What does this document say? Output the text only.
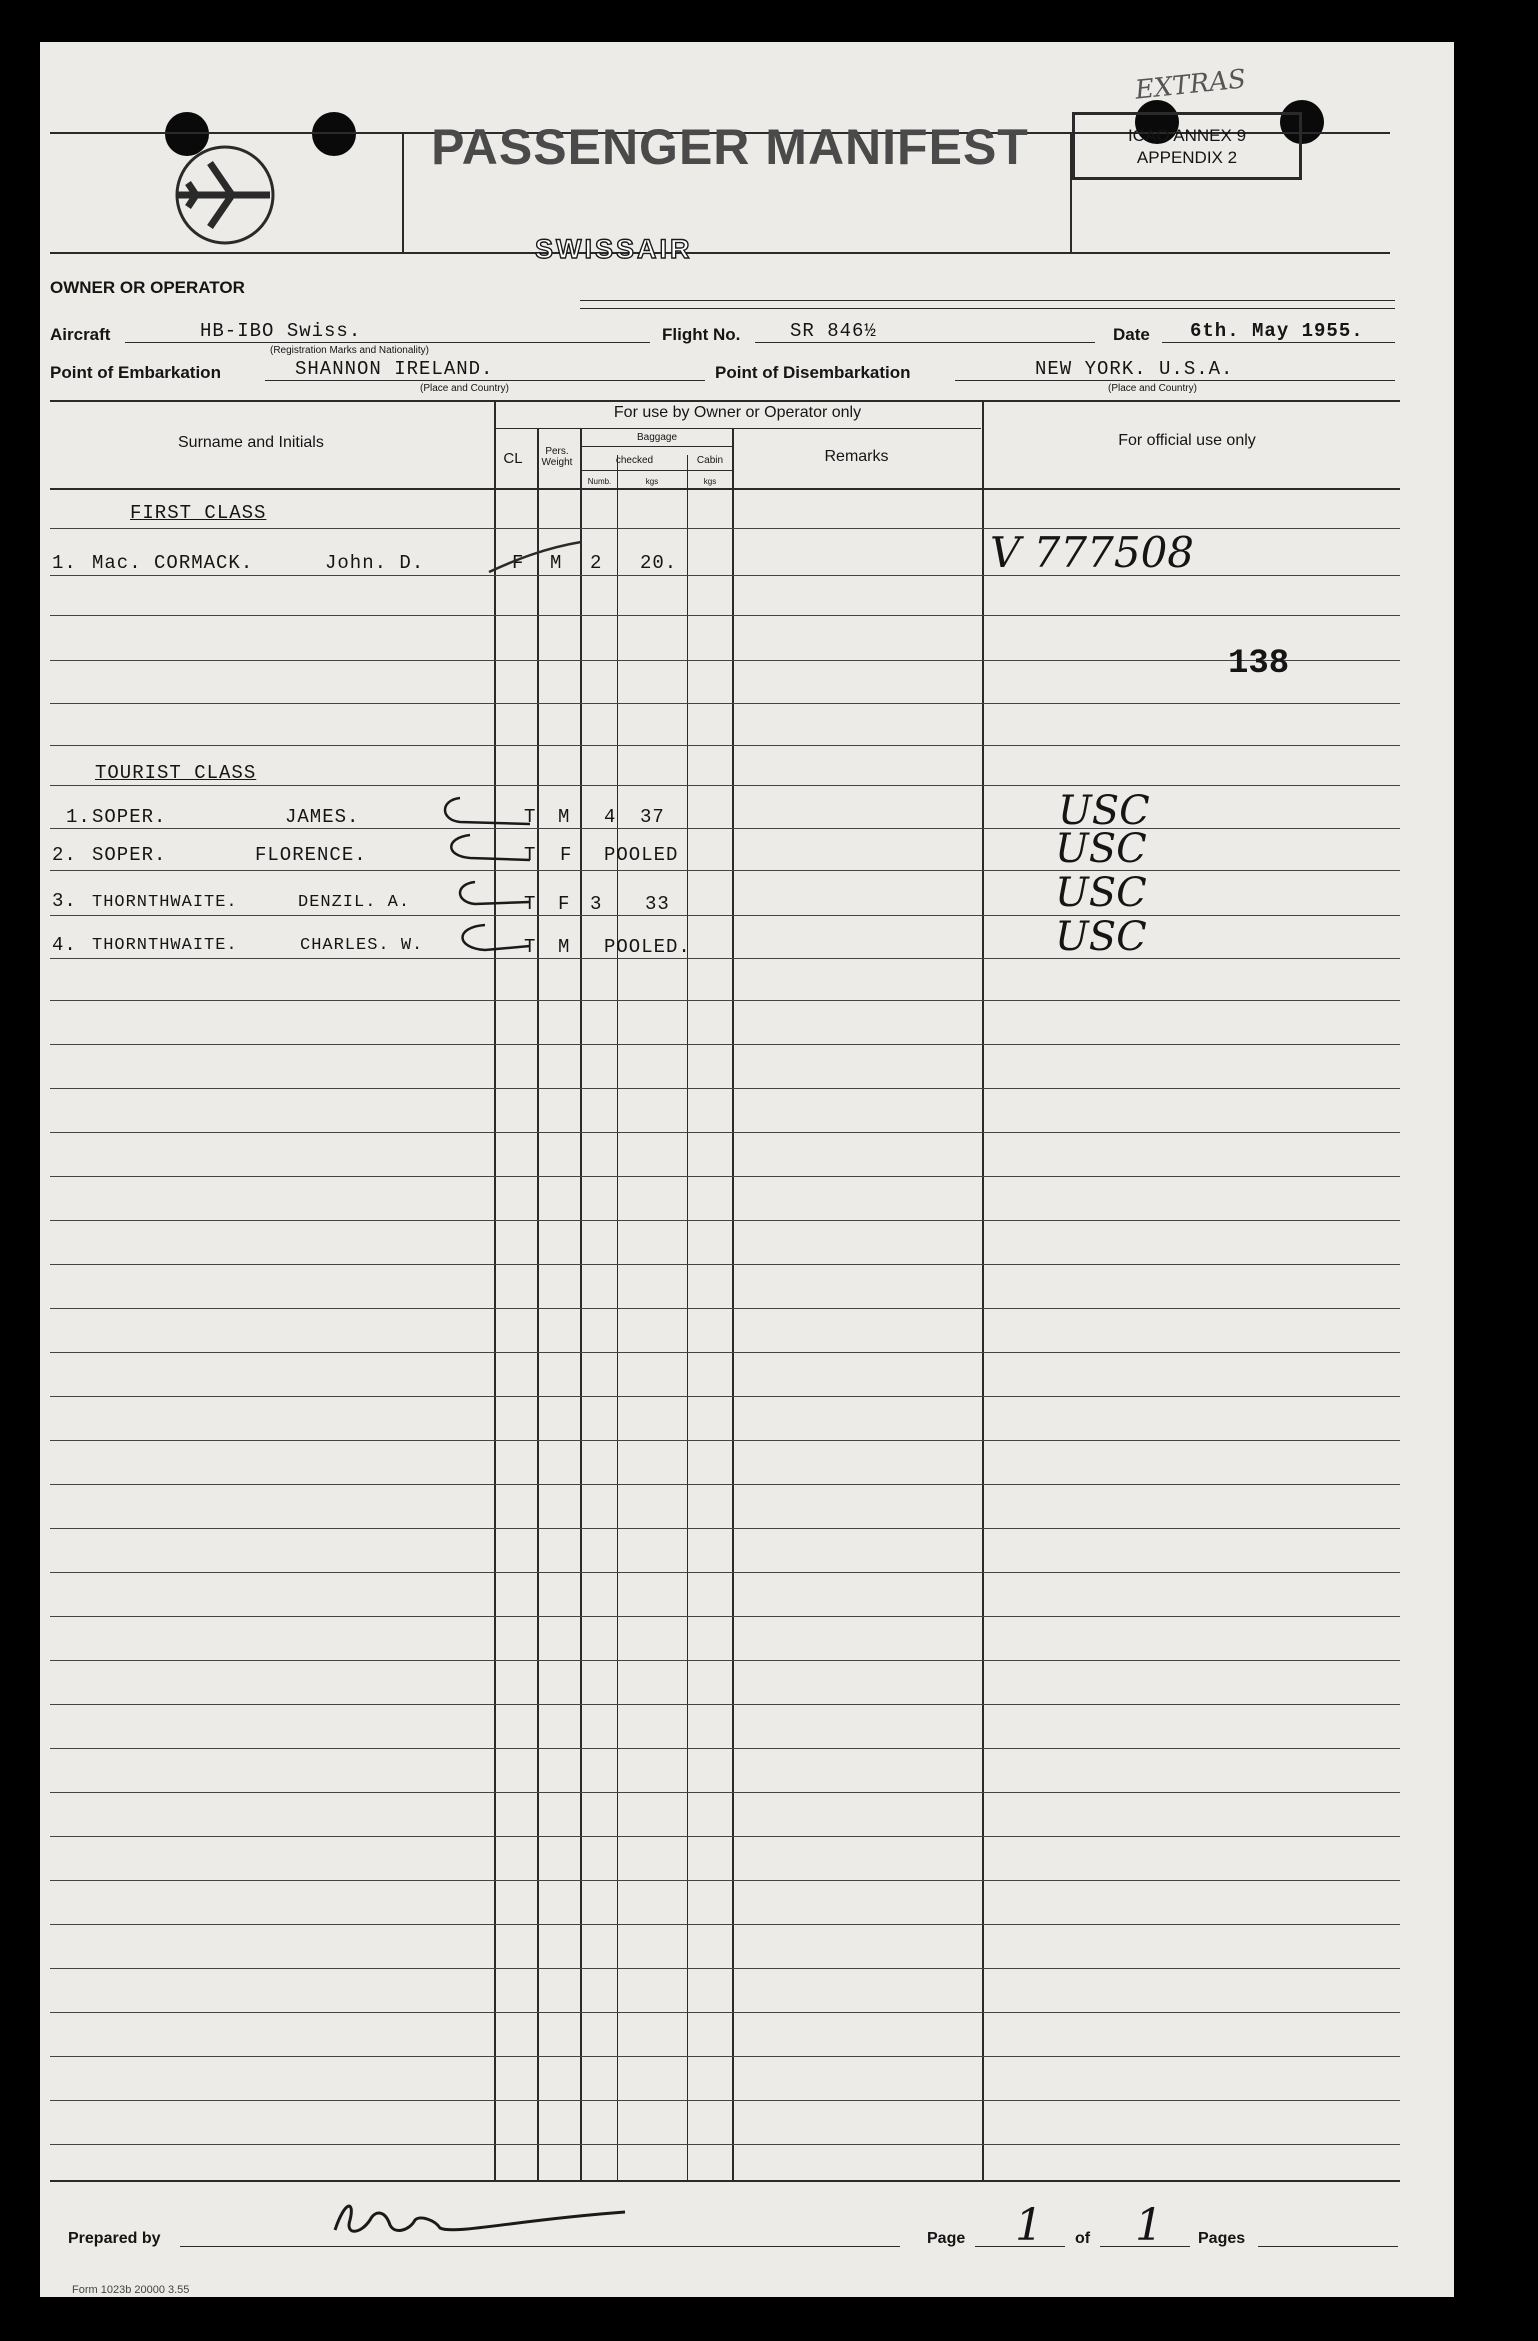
PASSENGER MANIFEST	ICAO ANNEX 9
APPENDIX 2
EXTRAS
OWNER OR OPERATOR
SWISSAIR
Aircraft	HB-IBO Swiss.
(Registration Marks and Nationality)
Flight No.	SR 846½	Date 6th. May 1955.
Point of Embarkation	SHANNON IRELAND.
(Place and Country)
Point of Disembarkation	NEW YORK. U.S.A.
(Place and Country)
Surname and Initials
For use by Owner or Operator only
CL	Pers. Weight
Baggage
checked	Cabin
Numb.	kgs	kgs
Remarks
For official use only
FIRST CLASS
1. Mac. CORMACK.	John. D.	F M 2 20.	V 777508
138
TOURIST CLASS
1. SOPER.	JAMES.	T M 4 37	USC
2. SOPER.	FLORENCE.	T F POOLED	USC
3. THORNTHWAITE.	DENZIL. A.	T F 3 33	USC
4. THORNTHWAITE.	CHARLES. W.	T M POOLED.	USC
Prepared by	Page 1 of 1 Pages
Form 1023b 20000 3.55
